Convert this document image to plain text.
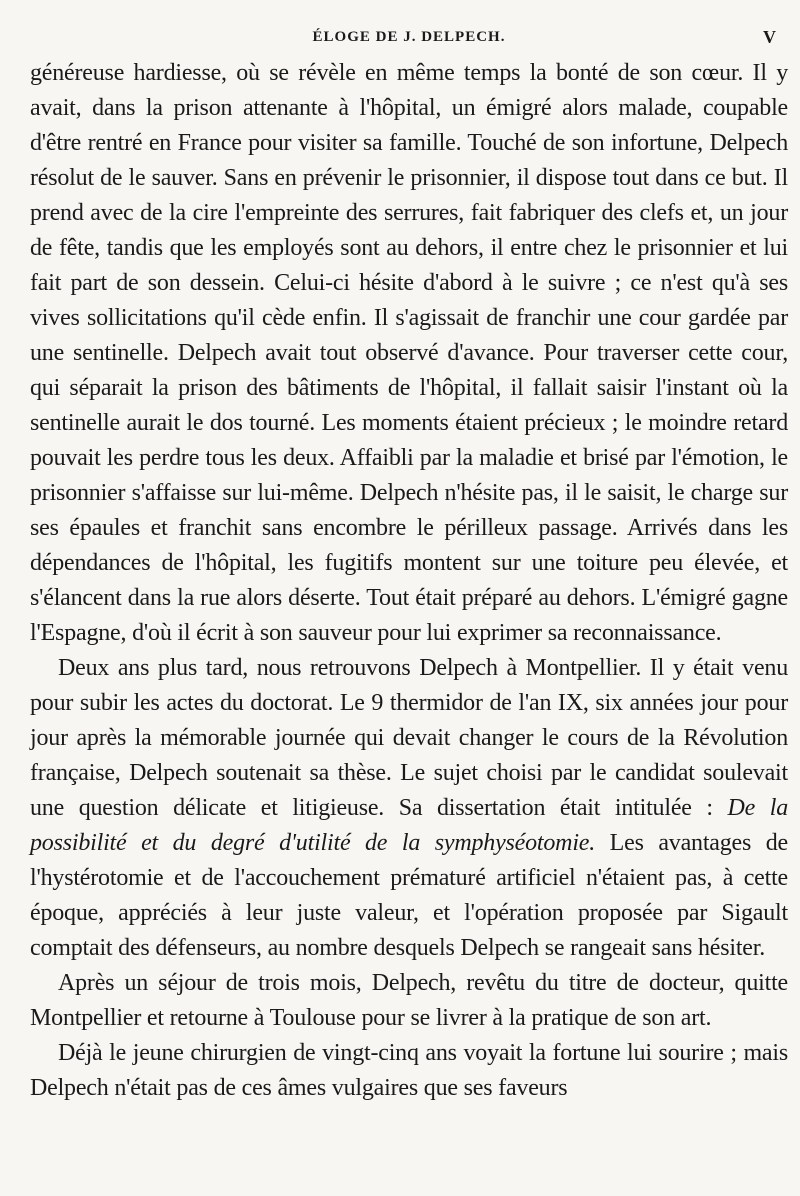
ÉLOGE DE J. DELPECH.	V

généreuse hardiesse, où se révèle en même temps la bonté de son cœur. Il y avait, dans la prison attenante à l'hôpital, un émigré alors malade, coupable d'être rentré en France pour visiter sa famille. Touché de son infortune, Delpech résolut de le sauver. Sans en prévenir le prisonnier, il dispose tout dans ce but. Il prend avec de la cire l'empreinte des serrures, fait fabriquer des clefs et, un jour de fête, tandis que les employés sont au dehors, il entre chez le prisonnier et lui fait part de son dessein. Celui-ci hésite d'abord à le suivre ; ce n'est qu'à ses vives sollicitations qu'il cède enfin. Il s'agissait de franchir une cour gardée par une sentinelle. Delpech avait tout observé d'avance. Pour traverser cette cour, qui séparait la prison des bâtiments de l'hôpital, il fallait saisir l'instant où la sentinelle aurait le dos tourné. Les moments étaient précieux ; le moindre retard pouvait les perdre tous les deux. Affaibli par la maladie et brisé par l'émotion, le prisonnier s'affaisse sur lui-même. Delpech n'hésite pas, il le saisit, le charge sur ses épaules et franchit sans encombre le périlleux passage. Arrivés dans les dépendances de l'hôpital, les fugitifs montent sur une toiture peu élevée, et s'élancent dans la rue alors déserte. Tout était préparé au dehors. L'émigré gagne l'Espagne, d'où il écrit à son sauveur pour lui exprimer sa reconnaissance.

Deux ans plus tard, nous retrouvons Delpech à Montpellier. Il y était venu pour subir les actes du doctorat. Le 9 thermidor de l'an IX, six années jour pour jour après la mémorable journée qui devait changer le cours de la Révolution française, Delpech soutenait sa thèse. Le sujet choisi par le candidat soulevait une question délicate et litigieuse. Sa dissertation était intitulée : De la possibilité et du degré d'utilité de la symphyséotomie. Les avantages de l'hystérotomie et de l'accouchement prématuré artificiel n'étaient pas, à cette époque, appréciés à leur juste valeur, et l'opération proposée par Sigault comptait des défenseurs, au nombre desquels Delpech se rangeait sans hésiter.

Après un séjour de trois mois, Delpech, revêtu du titre de docteur, quitte Montpellier et retourne à Toulouse pour se livrer à la pratique de son art.

Déjà le jeune chirurgien de vingt-cinq ans voyait la fortune lui sourire ; mais Delpech n'était pas de ces âmes vulgaires que ses faveurs
